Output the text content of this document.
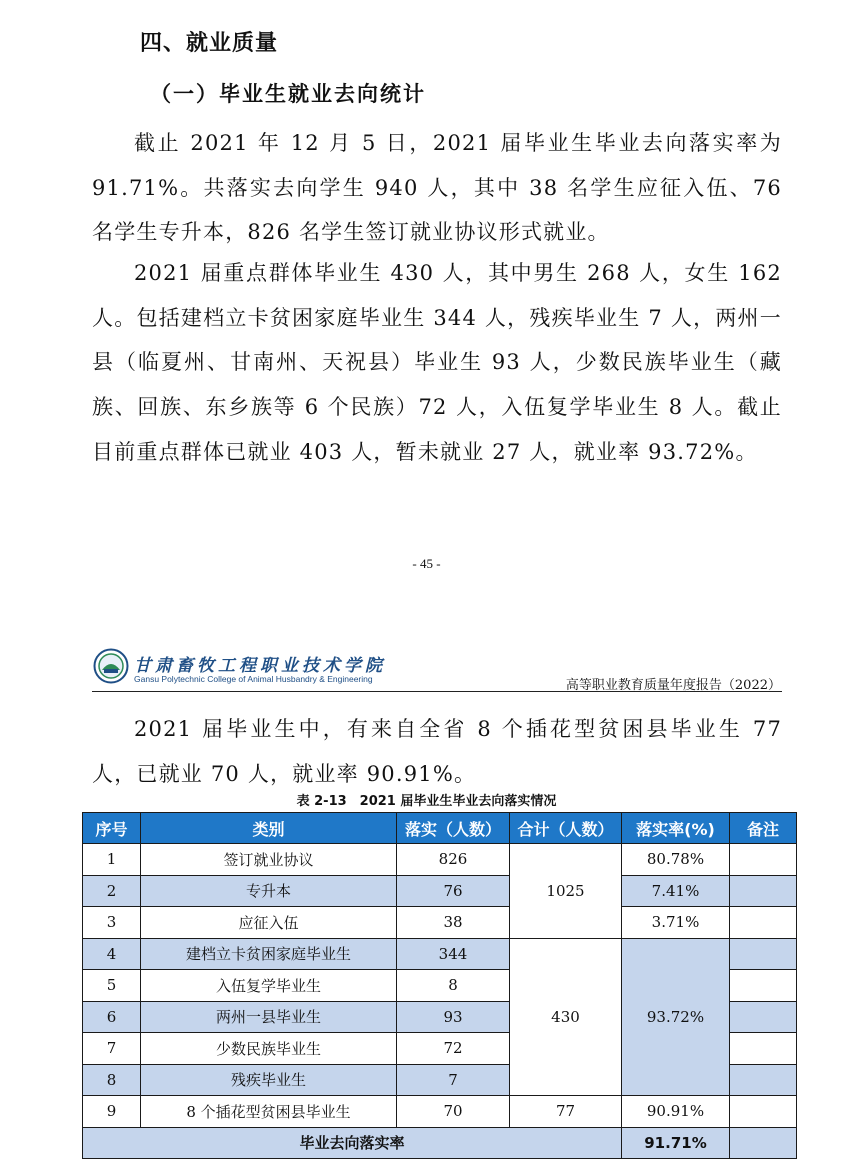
四、就业质量
（一）毕业生就业去向统计

截止 2021 年 12 月 5 日，2021 届毕业生毕业去向落实率为 91.71%。共落实去向学生 940 人，其中 38 名学生应征入伍、76 名学生专升本，826 名学生签订就业协议形式就业。

2021 届重点群体毕业生 430 人，其中男生 268 人，女生 162 人。包括建档立卡贫困家庭毕业生 344 人，残疾毕业生 7 人，两州一县（临夏州、甘南州、天祝县）毕业生 93 人，少数民族毕业生（藏族、回族、东乡族等 6 个民族）72 人，入伍复学毕业生 8 人。截止目前重点群体已就业 403 人，暂未就业 27 人，就业率 93.72%。

- 45 -
甘肃畜牧工程职业技术学院
Gansu Polytechnic College of Animal Husbandry & Engineering	高等职业教育质量年度报告（2022）

2021 届毕业生中，有来自全省 8 个插花型贫困县毕业生 77 人，已就业 70 人，就业率 90.91%。

表 2-13　2021 届毕业生毕业去向落实情况
序号	类别	落实（人数）	合计（人数）	落实率(%)	备注
1	签订就业协议	826	1025	80.78%	
2	专升本	76		7.41%	
3	应征入伍	38		3.71%	
4	建档立卡贫困家庭毕业生	344	430	93.72%	
5	入伍复学毕业生	8			
6	两州一县毕业生	93			
7	少数民族毕业生	72			
8	残疾毕业生	7			
9	8 个插花型贫困县毕业生	70	77	90.91%	
毕业去向落实率				91.71%	
